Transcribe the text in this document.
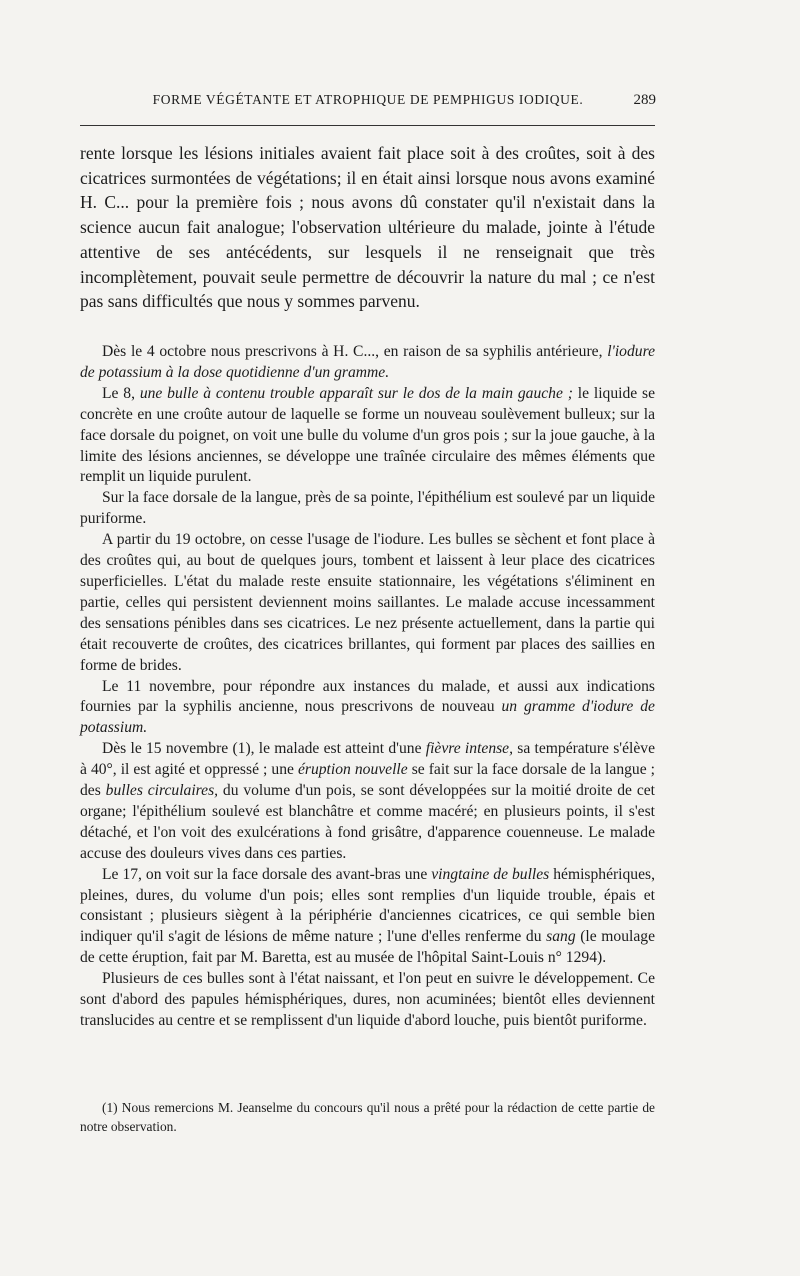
FORME VÉGÉTANTE ET ATROPHIQUE DE PEMPHIGUS IODIQUE.	289

rente lorsque les lésions initiales avaient fait place soit à des croûtes, soit à des cicatrices surmontées de végétations; il en était ainsi lorsque nous avons examiné H. C... pour la première fois ; nous avons dû constater qu'il n'existait dans la science aucun fait analogue; l'observation ultérieure du malade, jointe à l'étude attentive de ses antécédents, sur lesquels il ne renseignait que très incomplètement, pouvait seule permettre de découvrir la nature du mal ; ce n'est pas sans difficultés que nous y sommes parvenu.

Dès le 4 octobre nous prescrivons à H. C..., en raison de sa syphilis antérieure, l'iodure de potassium à la dose quotidienne d'un gramme.

Le 8, une bulle à contenu trouble apparaît sur le dos de la main gauche ; le liquide se concrète en une croûte autour de laquelle se forme un nouveau soulèvement bulleux; sur la face dorsale du poignet, on voit une bulle du volume d'un gros pois ; sur la joue gauche, à la limite des lésions anciennes, se développe une traînée circulaire des mêmes éléments que remplit un liquide purulent.

Sur la face dorsale de la langue, près de sa pointe, l'épithélium est soulevé par un liquide puriforme.

A partir du 19 octobre, on cesse l'usage de l'iodure. Les bulles se sèchent et font place à des croûtes qui, au bout de quelques jours, tombent et laissent à leur place des cicatrices superficielles. L'état du malade reste ensuite stationnaire, les végétations s'éliminent en partie, celles qui persistent deviennent moins saillantes. Le malade accuse incessamment des sensations pénibles dans ses cicatrices. Le nez présente actuellement, dans la partie qui était recouverte de croûtes, des cicatrices brillantes, qui forment par places des saillies en forme de brides.

Le 11 novembre, pour répondre aux instances du malade, et aussi aux indications fournies par la syphilis ancienne, nous prescrivons de nouveau un gramme d'iodure de potassium.

Dès le 15 novembre (1), le malade est atteint d'une fièvre intense, sa température s'élève à 40°, il est agité et oppressé ; une éruption nouvelle se fait sur la face dorsale de la langue ; des bulles circulaires, du volume d'un pois, se sont développées sur la moitié droite de cet organe; l'épithélium soulevé est blanchâtre et comme macéré; en plusieurs points, il s'est détaché, et l'on voit des exulcérations à fond grisâtre, d'apparence couenneuse. Le malade accuse des douleurs vives dans ces parties.

Le 17, on voit sur la face dorsale des avant-bras une vingtaine de bulles hémisphériques, pleines, dures, du volume d'un pois; elles sont remplies d'un liquide trouble, épais et consistant ; plusieurs siègent à la périphérie d'anciennes cicatrices, ce qui semble bien indiquer qu'il s'agit de lésions de même nature ; l'une d'elles renferme du sang (le moulage de cette éruption, fait par M. Baretta, est au musée de l'hôpital Saint-Louis n° 1294).

Plusieurs de ces bulles sont à l'état naissant, et l'on peut en suivre le développement. Ce sont d'abord des papules hémisphériques, dures, non acuminées; bientôt elles deviennent translucides au centre et se remplissent d'un liquide d'abord louche, puis bientôt puriforme.

(1) Nous remercions M. Jeanselme du concours qu'il nous a prêté pour la rédaction de cette partie de notre observation.
